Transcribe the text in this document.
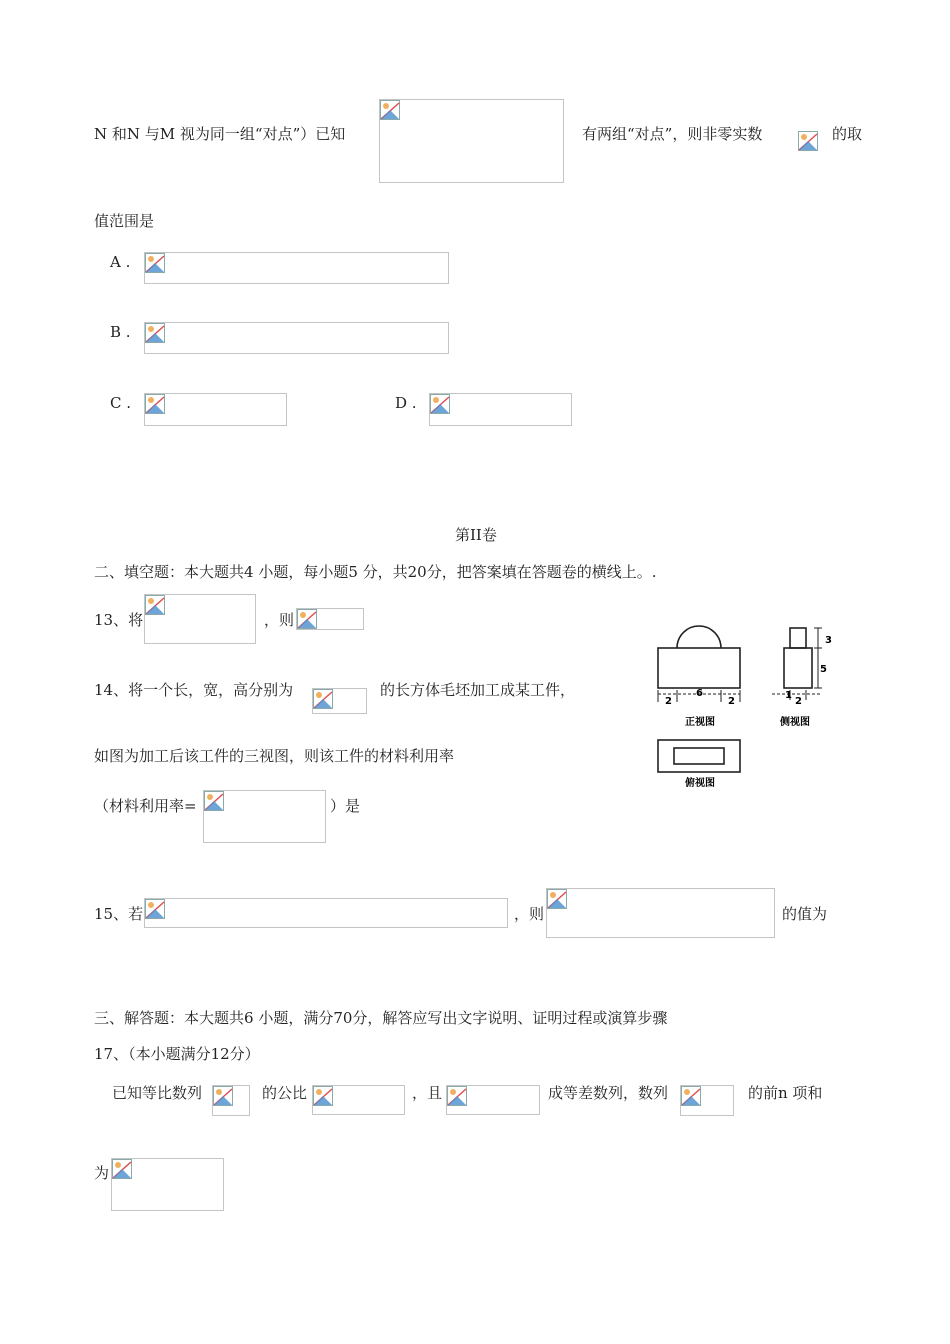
N 和N 与M 视为同一组“对点”）已知	有两组“对点”，则非零实数	的取
值范围是
A .
B .
C .	D .
第II卷
二、填空题：本大题共4 小题，每小题5 分，共20分，把答案填在答题卷的横线上。.
13、将	，则
14、将一个长，宽，高分别为	的长方体毛坯加工成某工件，
如图为加工后该工件的三视图，则该工件的材料利用率
（材料利用率=	）是
2
6
2
正视图
3
5
1
2
侧视图
俯视图
15、若	，则	的值为
三、解答题：本大题共6 小题，满分70分，解答应写出文字说明、证明过程或演算步骤
17、（本小题满分12分）
已知等比数列	的公比	，且	成等差数列，数列	的前n 项和
为
